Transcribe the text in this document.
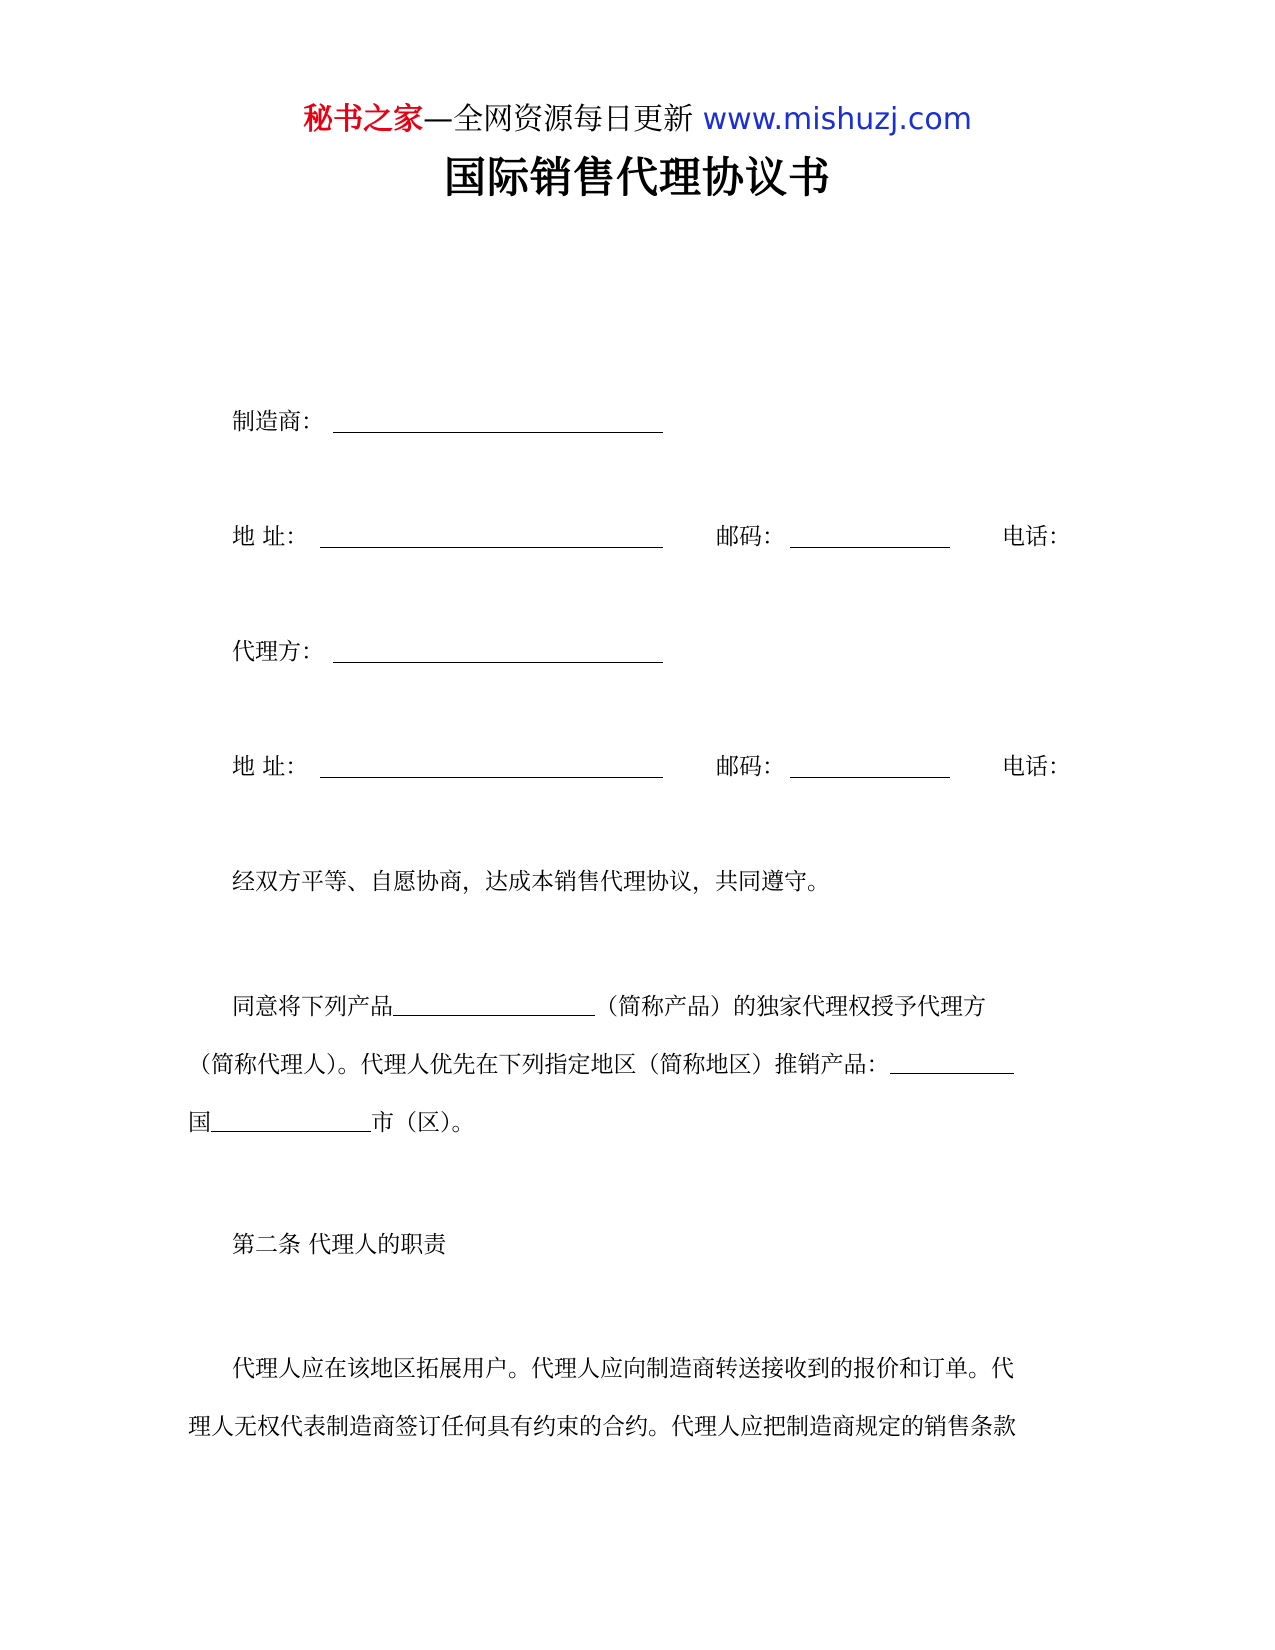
秘书之家—全网资源每日更新 www.mishuzj.com
国际销售代理协议书
制造商：
地 址：	邮码：	电话：
代理方：
地 址：	邮码：	电话：
经双方平等、自愿协商，达成本销售代理协议，共同遵守。
同意将下列产品	（简称产品）的独家代理权授予代理方
（简称代理人）。代理人优先在下列指定地区（简称地区）推销产品：
国	市（区）。
第二条 代理人的职责
代理人应在该地区拓展用户。代理人应向制造商转送接收到的报价和订单。代
理人无权代表制造商签订任何具有约束的合约。代理人应把制造商规定的销售条款
